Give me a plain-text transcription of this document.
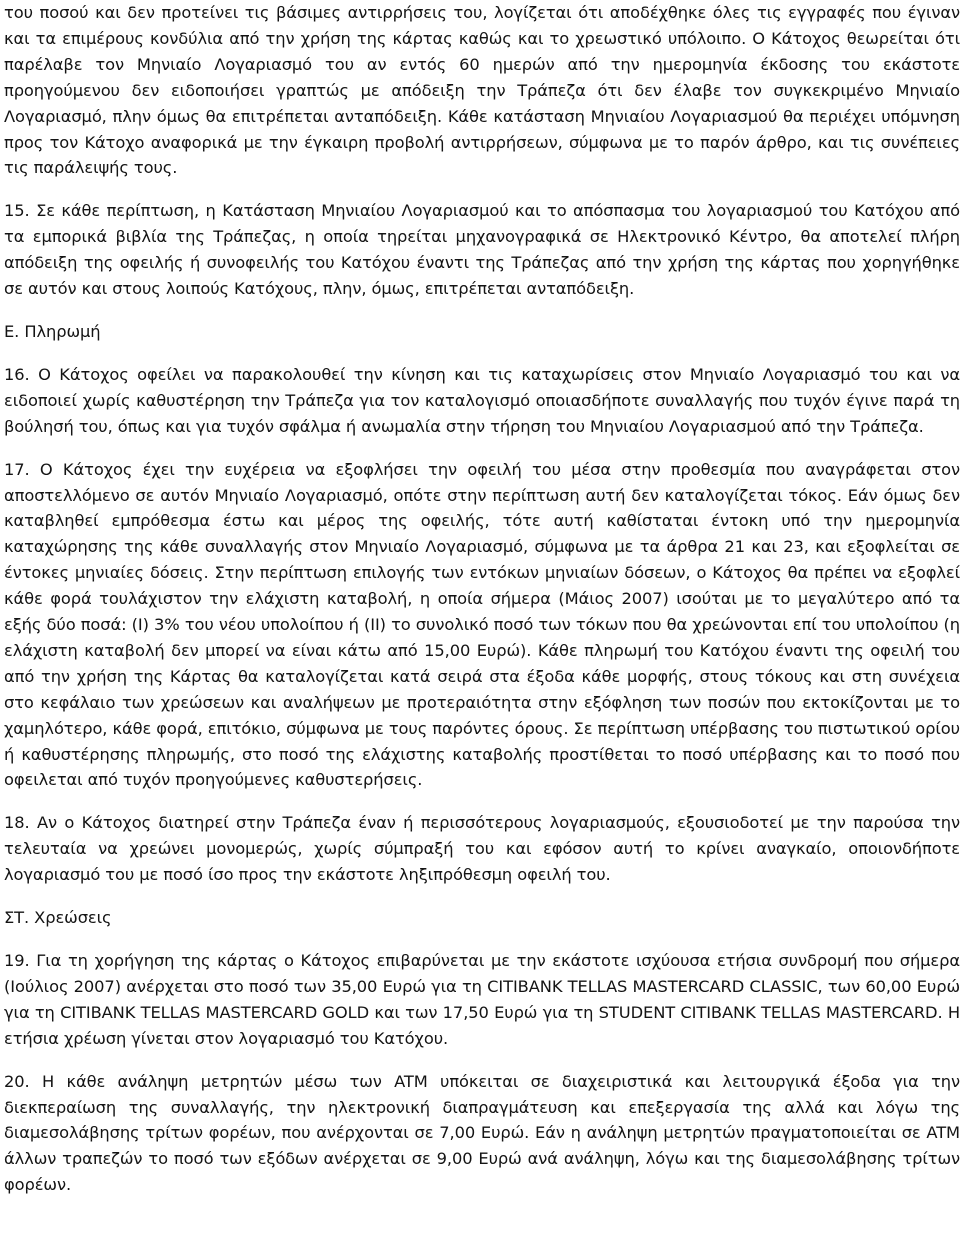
του ποσού και δεν προτείνει τις βάσιμες αντιρρήσεις του, λογίζεται ότι αποδέχθηκε όλες τις εγγραφές που έγιναν και τα επιμέρους κονδύλια από την χρήση της κάρτας καθώς και το χρεωστικό υπόλοιπο. Ο Κάτοχος θεωρείται ότι παρέλαβε τον Μηνιαίο Λογαριασμό του αν εντός 60 ημερών από την ημερομηνία έκδοσης του εκάστοτε προηγούμενου δεν ειδοποιήσει γραπτώς με απόδειξη την Τράπεζα ότι δεν έλαβε τον συγκεκριμένο Μηνιαίο Λογαριασμό, πλην όμως θα επιτρέπεται ανταπόδειξη. Κάθε κατάσταση Μηνιαίου Λογαριασμού θα περιέχει υπόμνηση προς τον Κάτοχο αναφορικά με την έγκαιρη προβολή αντιρρήσεων, σύμφωνα με το παρόν άρθρο, και τις συνέπειες τις παράλειψής τους.

15. Σε κάθε περίπτωση, η Κατάσταση Μηνιαίου Λογαριασμού και το απόσπασμα του λογαριασμού του Κατόχου από τα εμπορικά βιβλία της Τράπεζας, η οποία τηρείται μηχανογραφικά σε Ηλεκτρονικό Κέντρο, θα αποτελεί πλήρη απόδειξη της οφειλής ή συνοφειλής του Κατόχου έναντι της Τράπεζας από την χρήση της κάρτας που χορηγήθηκε σε αυτόν και στους λοιπούς Κατόχους, πλην, όμως, επιτρέπεται ανταπόδειξη.

Ε. Πληρωμή

16. Ο Κάτοχος οφείλει να παρακολουθεί την κίνηση και τις καταχωρίσεις στον Μηνιαίο Λογαριασμό του και να ειδοποιεί χωρίς καθυστέρηση την Τράπεζα για τον καταλογισμό οποιασδήποτε συναλλαγής που τυχόν έγινε παρά τη βούλησή του, όπως και για τυχόν σφάλμα ή ανωμαλία στην τήρηση του Μηνιαίου Λογαριασμού από την Τράπεζα.

17. Ο Κάτοχος έχει την ευχέρεια να εξοφλήσει την οφειλή του μέσα στην προθεσμία που αναγράφεται στον αποστελλόμενο σε αυτόν Μηνιαίο Λογαριασμό, οπότε στην περίπτωση αυτή δεν καταλογίζεται τόκος. Εάν όμως δεν καταβληθεί εμπρόθεσμα έστω και μέρος της οφειλής, τότε αυτή καθίσταται έντοκη υπό την ημερομηνία καταχώρησης της κάθε συναλλαγής στον Μηνιαίο Λογαριασμό, σύμφωνα με τα άρθρα 21 και 23, και εξοφλείται σε έντοκες μηνιαίες δόσεις. Στην περίπτωση επιλογής των εντόκων μηνιαίων δόσεων, ο Κάτοχος θα πρέπει να εξοφλεί κάθε φορά τουλάχιστον την ελάχιστη καταβολή, η οποία σήμερα (Μάιος 2007) ισούται με το μεγαλύτερο από τα εξής δύο ποσά: (Ι) 3% του νέου υπολοίπου ή (ΙΙ) το συνολικό ποσό των τόκων που θα χρεώνονται επί του υπολοίπου (η ελάχιστη καταβολή δεν μπορεί να είναι κάτω από 15,00 Ευρώ). Κάθε πληρωμή του Κατόχου έναντι της οφειλή του από την χρήση της Κάρτας θα καταλογίζεται κατά σειρά στα έξοδα κάθε μορφής, στους τόκους και στη συνέχεια στο κεφάλαιο των χρεώσεων και αναλήψεων με προτεραιότητα στην εξόφληση των ποσών που εκτοκίζονται με το χαμηλότερο, κάθε φορά, επιτόκιο, σύμφωνα με τους παρόντες όρους. Σε περίπτωση υπέρβασης του πιστωτικού ορίου ή καθυστέρησης πληρωμής, στο ποσό της ελάχιστης καταβολής προστίθεται το ποσό υπέρβασης και το ποσό που οφειλεται από τυχόν προηγούμενες καθυστερήσεις.

18. Αν ο Κάτοχος διατηρεί στην Τράπεζα έναν ή περισσότερους λογαριασμούς, εξουσιοδοτεί με την παρούσα την τελευταία να χρεώνει μονομερώς, χωρίς σύμπραξή του και εφόσον αυτή το κρίνει αναγκαίο, οποιονδήποτε λογαριασμό του με ποσό ίσο προς την εκάστοτε ληξιπρόθεσμη οφειλή του.

ΣΤ. Χρεώσεις

19. Για τη χορήγηση της κάρτας ο Κάτοχος επιβαρύνεται με την εκάστοτε ισχύουσα ετήσια συνδρομή που σήμερα (Ιούλιος 2007) ανέρχεται στο ποσό των 35,00 Ευρώ για τη CITIBANK TELLAS MASTERCARD CLASSIC, των 60,00 Ευρώ για τη CITIBANK TELLAS MASTERCARD GOLD και των 17,50 Ευρώ για τη STUDENT CITIBANK TELLAS MASTERCARD. Η ετήσια χρέωση γίνεται στον λογαριασμό του Κατόχου.

20. Η κάθε ανάληψη μετρητών μέσω των ATM υπόκειται σε διαχειριστικά και λειτουργικά έξοδα για την διεκπεραίωση της συναλλαγής, την ηλεκτρονική διαπραγμάτευση και επεξεργασία της αλλά και λόγω της διαμεσολάβησης τρίτων φορέων, που ανέρχονται σε 7,00 Ευρώ. Εάν η ανάληψη μετρητών πραγματοποιείται σε ATM άλλων τραπεζών το ποσό των εξόδων ανέρχεται σε 9,00 Ευρώ ανά ανάληψη, λόγω και της διαμεσολάβησης τρίτων φορέων.
